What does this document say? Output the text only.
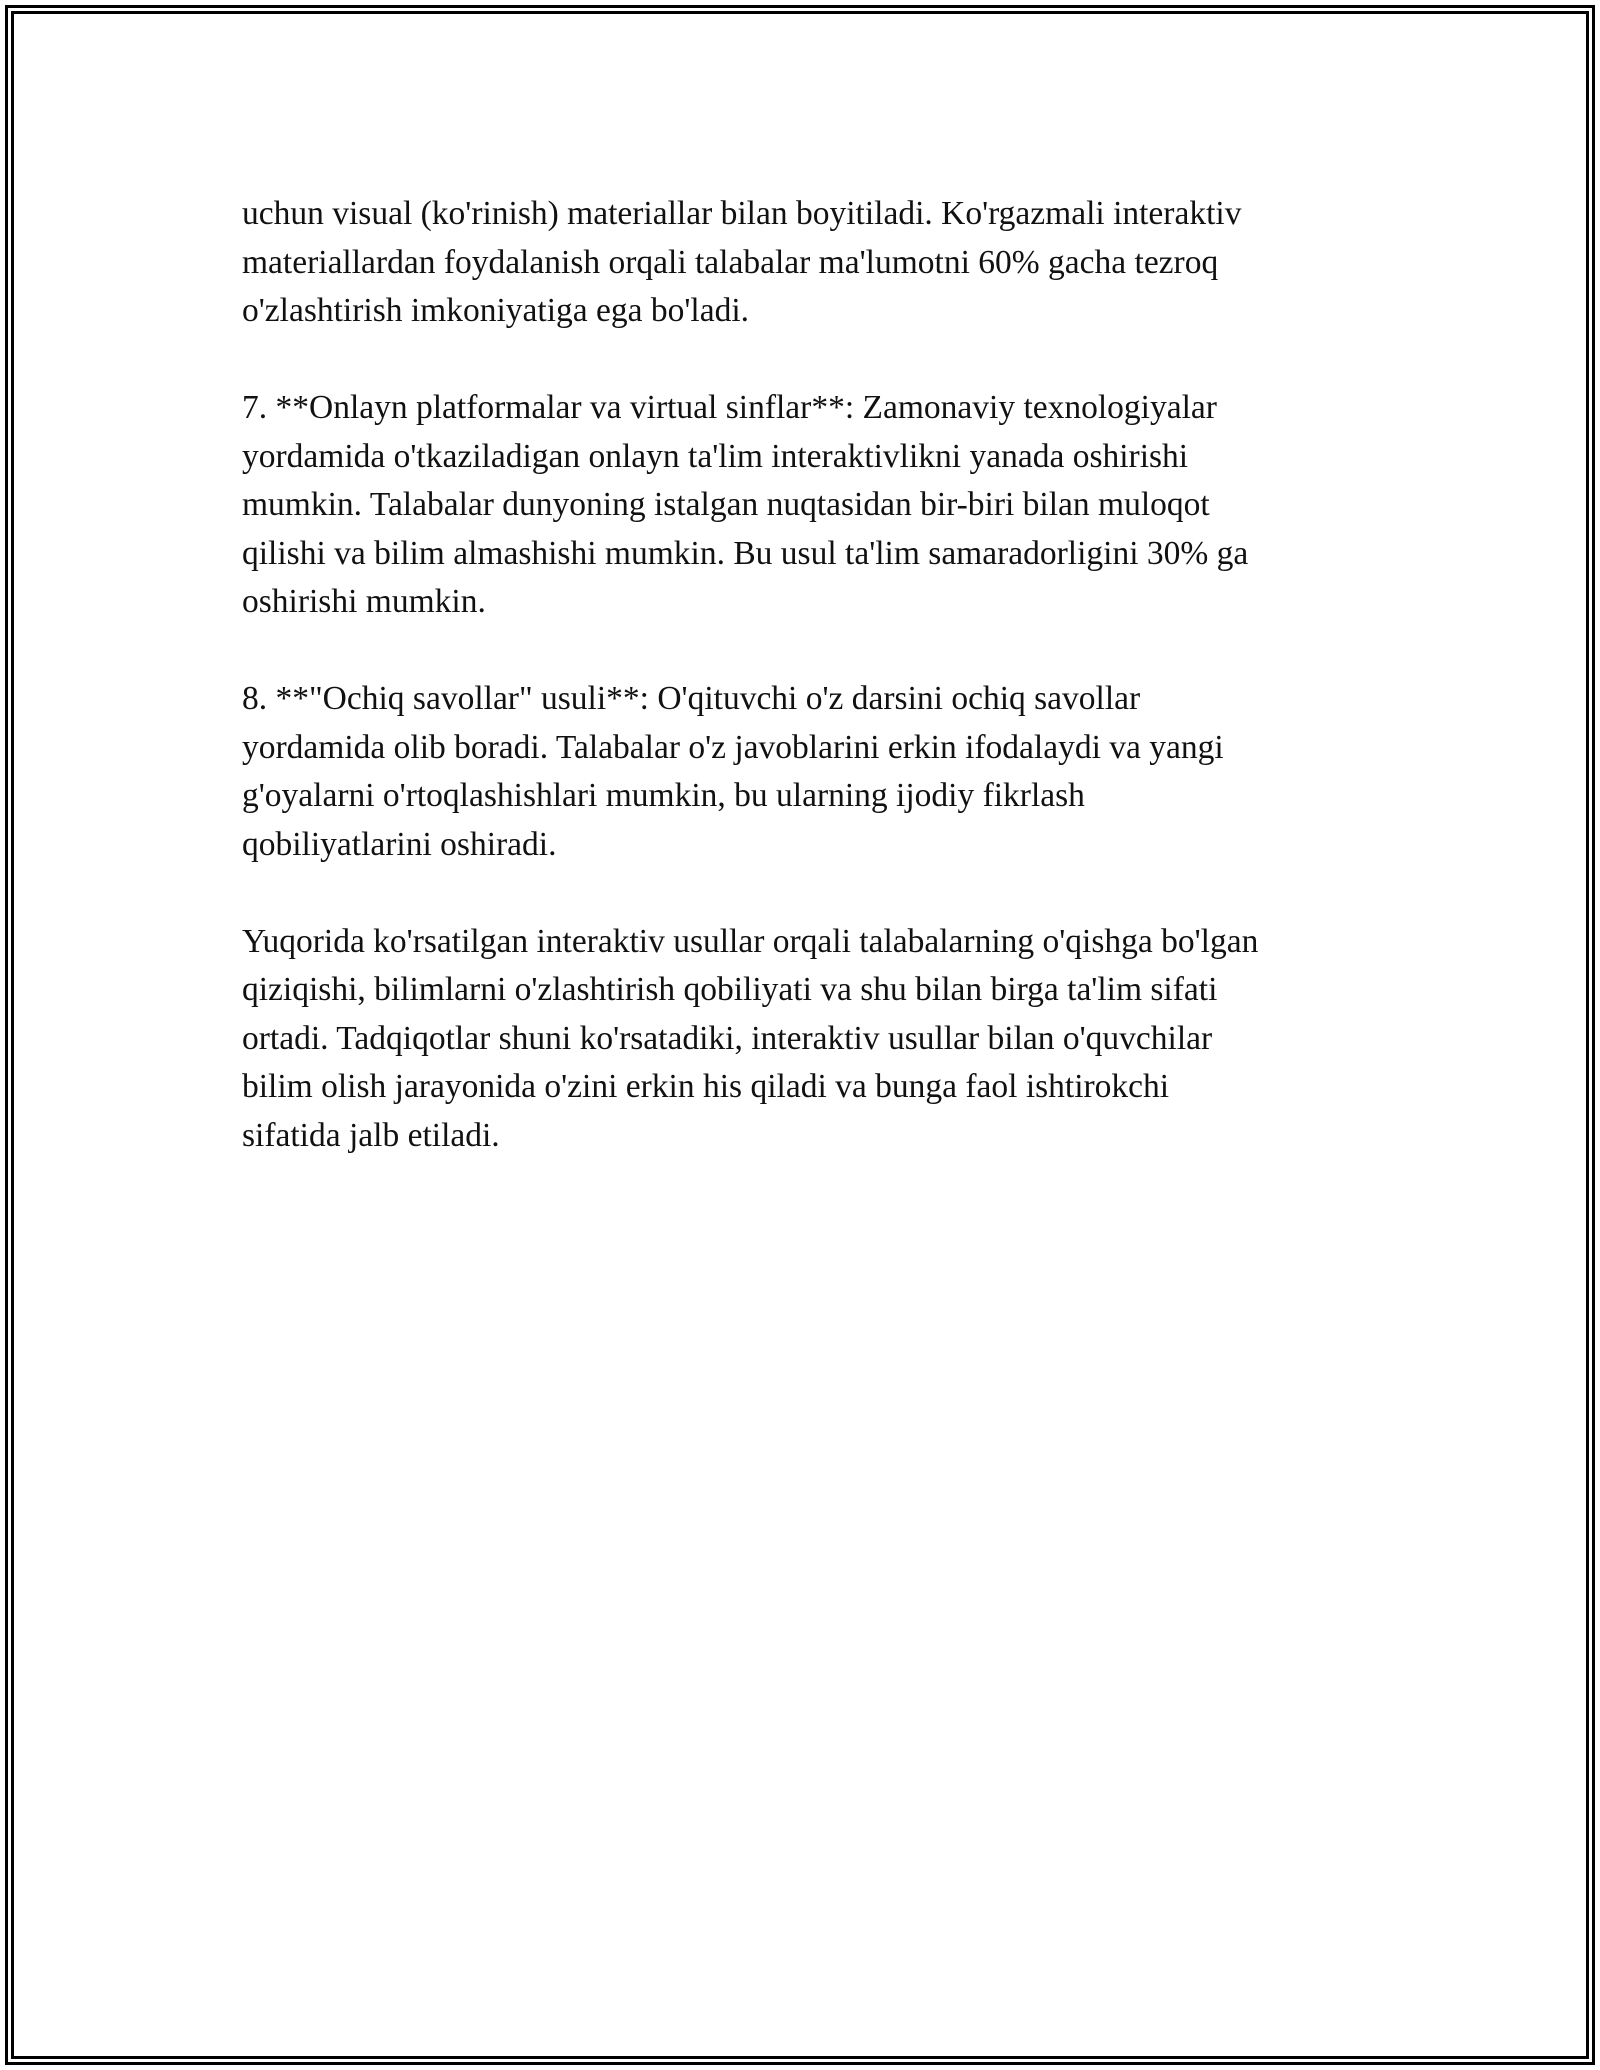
uchun visual (ko'rinish) materiallar bilan boyitiladi. Ko'rgazmali interaktiv
materiallardan foydalanish orqali talabalar ma'lumotni 60% gacha tezroq
o'zlashtirish imkoniyatiga ega bo'ladi.

7. **Onlayn platformalar va virtual sinflar**: Zamonaviy texnologiyalar
yordamida o'tkaziladigan onlayn ta'lim interaktivlikni yanada oshirishi
mumkin. Talabalar dunyoning istalgan nuqtasidan bir-biri bilan muloqot
qilishi va bilim almashishi mumkin. Bu usul ta'lim samaradorligini 30% ga
oshirishi mumkin.

8. **"Ochiq savollar" usuli**: O'qituvchi o'z darsini ochiq savollar
yordamida olib boradi. Talabalar o'z javoblarini erkin ifodalaydi va yangi
g'oyalarni o'rtoqlashishlari mumkin, bu ularning ijodiy fikrlash
qobiliyatlarini oshiradi.

Yuqorida ko'rsatilgan interaktiv usullar orqali talabalarning o'qishga bo'lgan
qiziqishi, bilimlarni o'zlashtirish qobiliyati va shu bilan birga ta'lim sifati
ortadi. Tadqiqotlar shuni ko'rsatadiki, interaktiv usullar bilan o'quvchilar
bilim olish jarayonida o'zini erkin his qiladi va bunga faol ishtirokchi
sifatida jalb etiladi.
